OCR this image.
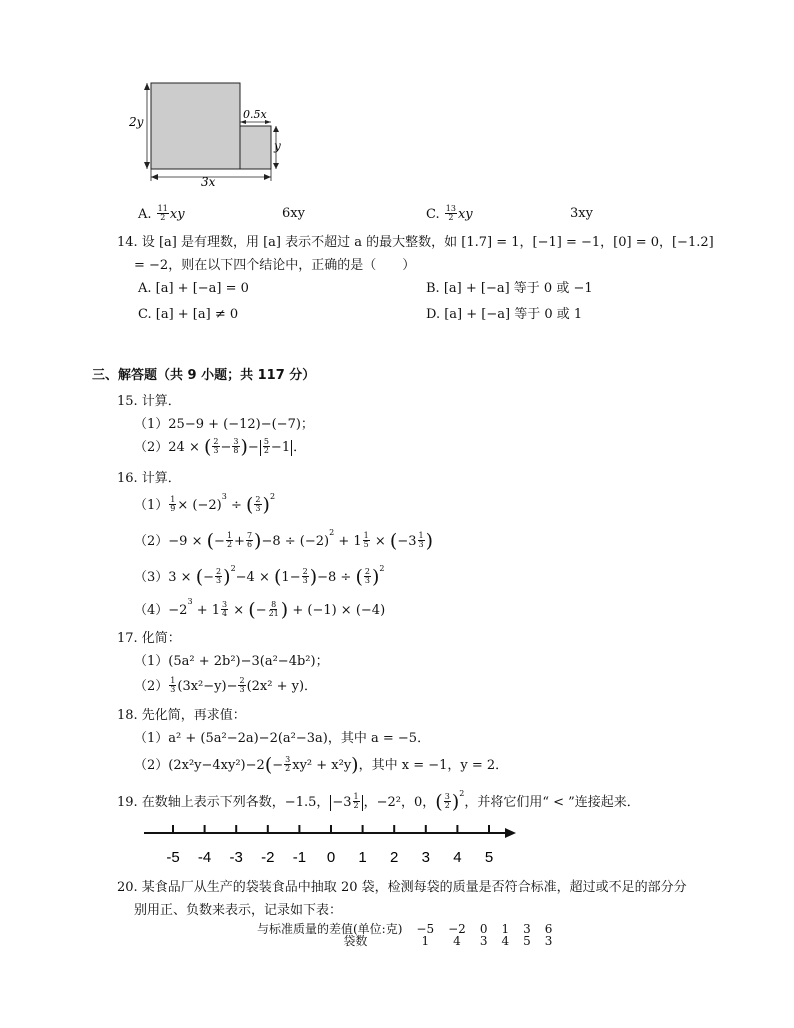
2y
0.5x
y
3x
A. $\frac{11}{2}$ xy	6xy	C. $\frac{13}{2}$ xy	3xy
14. 设 [a] 是有理数，用 [a] 表示不超过 a 的最大整数，如 [1.7] = 1，[−1] = −1，[0] = 0，[−1.2]
= −2，则在以下四个结论中，正确的是（　　）
A. [a] + [−a] = 0	B. [a] + [−a] 等于 0 或 −1
C. [a] + [a] ≠ 0	D. [a] + [−a] 等于 0 或 1
三、解答题（共 9 小题；共 117 分）
15. 计算．
（1）25−9 + (−12)−(−7)；
（2）24 × ( $\frac{2}{3} - \frac{3}{8}$ )− $\frac{5}{2} -1$ ．
16. 计算．
$(1) \frac{1}{9} \times (-2)^3$ ÷ ( $\frac{2}{3} )^2$
（2）−9 × (− $\frac{1}{2} + \frac{7}{6} )-8 \div (-2)^2 + 1 \frac{1}{5} \times (-3 \frac{1}{3}$ )
（3）3 × (− $\frac{2}{3} )^2-4 \times (1- \frac{2}{3} )-8$ ÷ ( $\frac{2}{3} )^2$
$(4)-2^3 + 1 \frac{3}{4}$ × (− $\frac{8}{21}$ ) + (−1) × (−4)
17. 化简：
（1）(5a² + 2b²)−3(a²−4b²)；
$(2) \frac{1}{3} (3x^2-y)- \frac{2}{3} (2x^2 + y)$．
18. 先化简，再求值：
（1）a² + (5a²−2a)−2(a²−3a)，其中 a = −5．
$(2)(2x^2y-4xy^2)-2(- \frac{3}{2} xy^2 + x^2y)$，其中 x = −1，y = 2．
19. 在数轴上表示下列各数，−1.5， $-3 \frac{1}{2}$ ，−2²，0，( $\frac{3}{2} )^2$，并将它们用“ < ”连接起来．
-5 -4 -3 -2 -1 0 1 2 3 4 5
20. 某食品厂从生产的袋装食品中抽取 20 袋，检测每袋的质量是否符合标准，超过或不足的部分分
别用正、负数来表示，记录如下表：
与标准质量的差值(单位:克)	−5	−2	0	1	3	6
袋数	1	4	3	4	5	3
